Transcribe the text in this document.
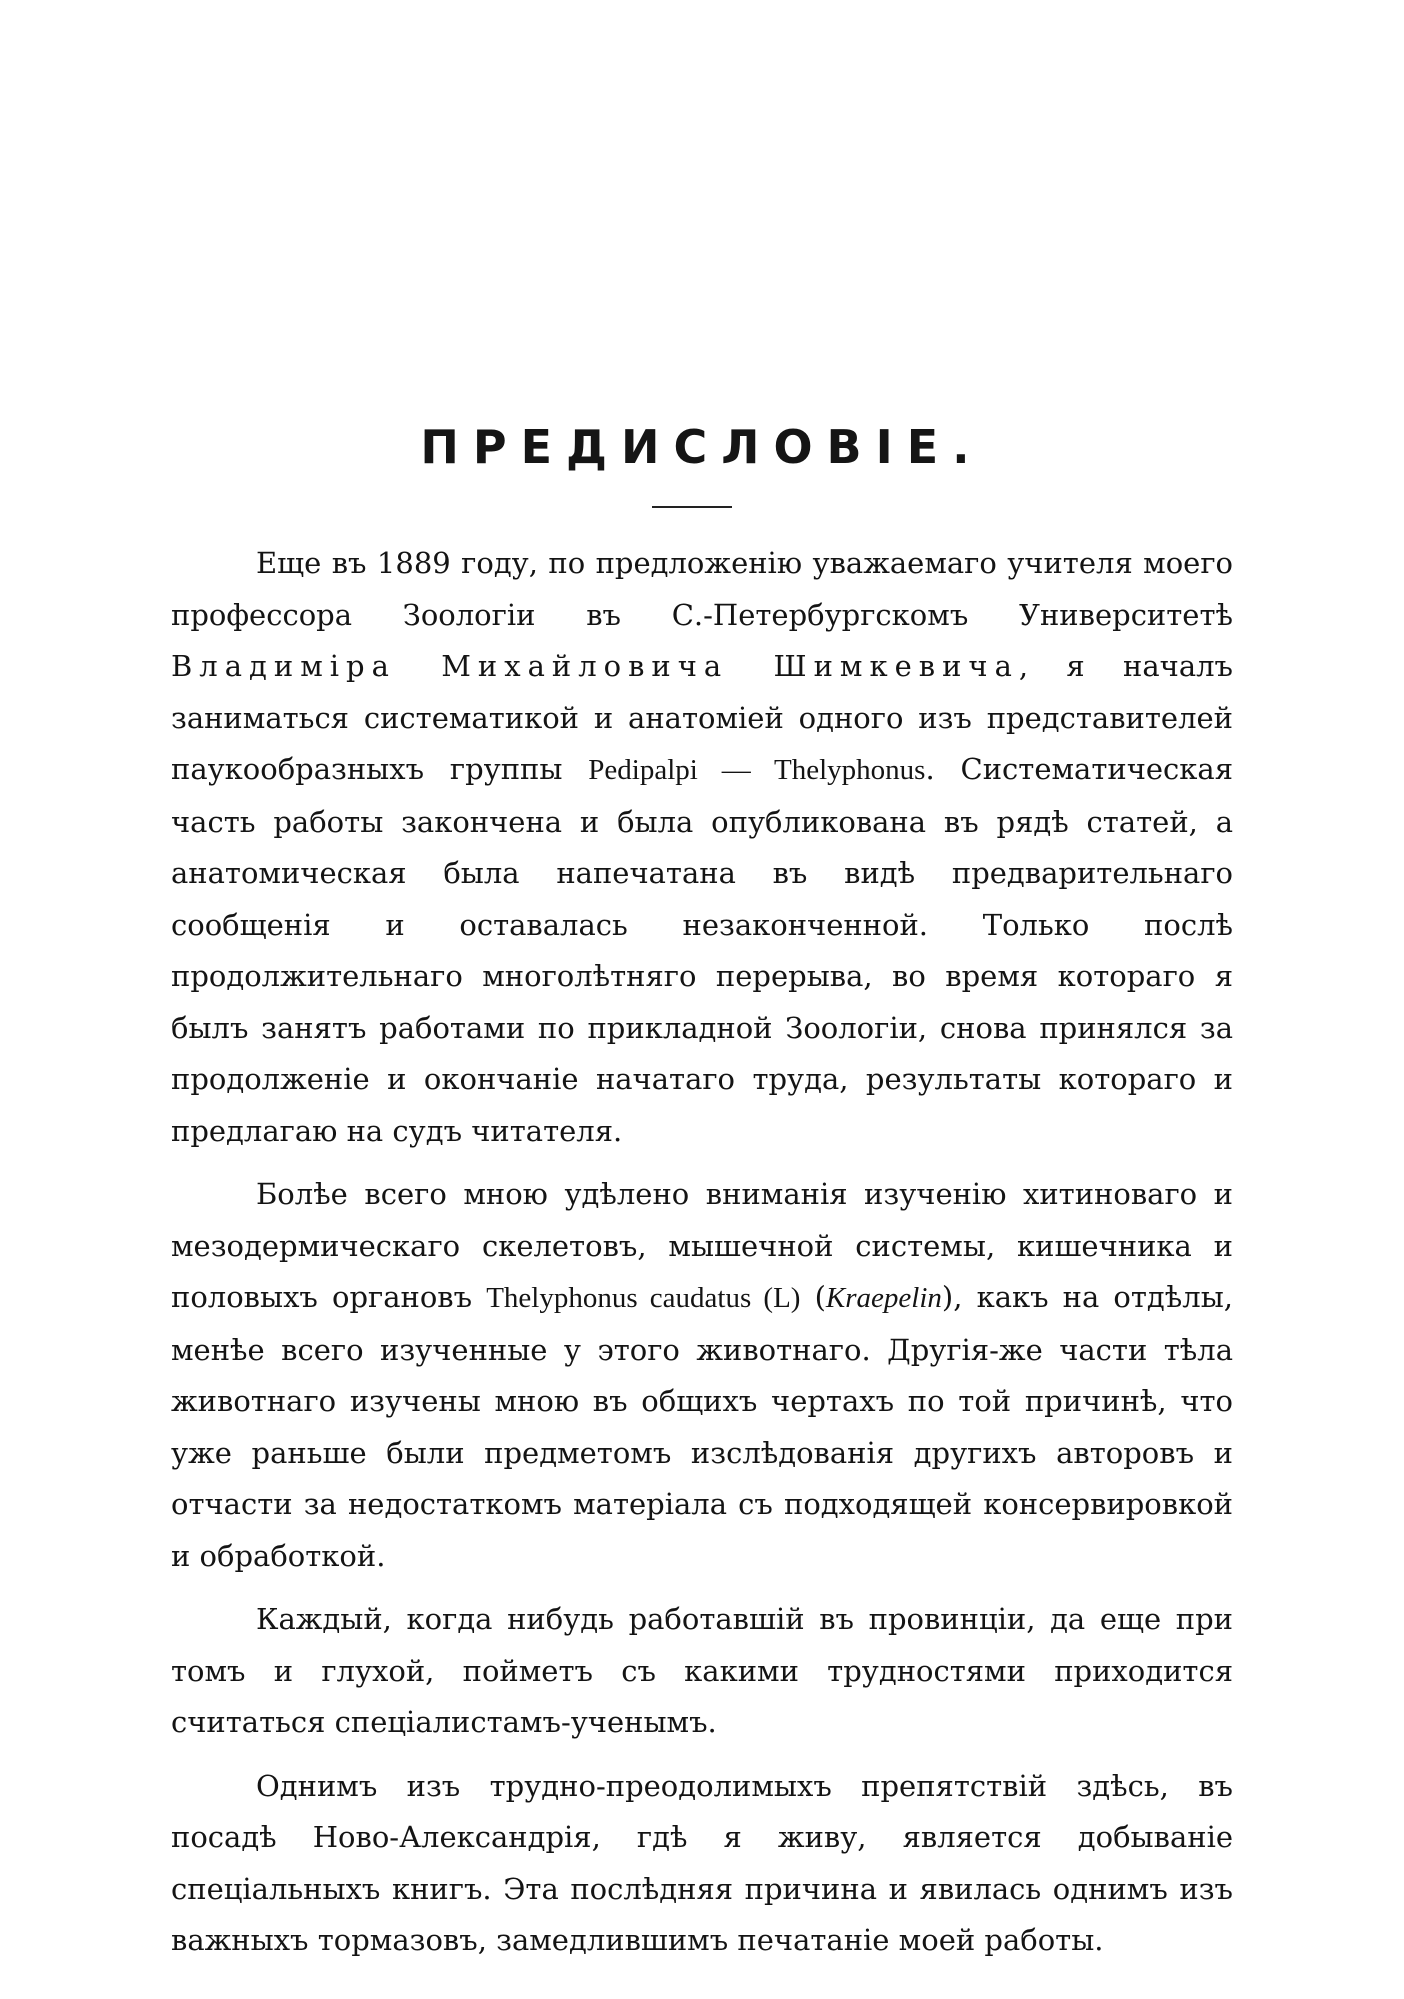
ПРЕДИСЛОВІЕ.

Еще въ 1889 году, по предложенію уважаемаго учителя моего профессора Зоологіи въ С.-Петербургскомъ Университетѣ Владиміра Михайловича Шимкевича, я началъ заниматься систематикой и анатоміей одного изъ представителей паукообразныхъ группы Pedipalpi — Thelyphonus. Систематическая часть работы закончена и была опубликована въ рядѣ статей, а анатомическая была напечатана въ видѣ предварительнаго сообщенія и оставалась незаконченной. Только послѣ продолжительнаго многолѣтняго перерыва, во время котораго я былъ занятъ работами по прикладной Зоологіи, снова принялся за продолженіе и окончаніе начатаго труда, результаты котораго и предлагаю на судъ читателя.

Болѣе всего мною удѣлено вниманія изученію хитиноваго и мезодермическаго скелетовъ, мышечной системы, кишечника и половыхъ органовъ Thelyphonus caudatus (L) (Kraepelin), какъ на отдѣлы, менѣе всего изученные у этого животнаго. Другія-же части тѣла животнаго изучены мною въ общихъ чертахъ по той причинѣ, что уже раньше были предметомъ изслѣдованія другихъ авторовъ и отчасти за недостаткомъ матеріала съ подходящей консервировкой и обработкой.

Каждый, когда нибудь работавшій въ провинціи, да еще при томъ и глухой, пойметъ съ какими трудностями приходится считаться спеціалистамъ-ученымъ.

Однимъ изъ трудно-преодолимыхъ препятствій здѣсь, въ посадѣ Ново-Александрія, гдѣ я живу, является добываніе спеціальныхъ книгъ. Эта послѣдняя причина и явилась однимъ изъ важныхъ тормазовъ, замедлившимъ печатаніе моей работы.
